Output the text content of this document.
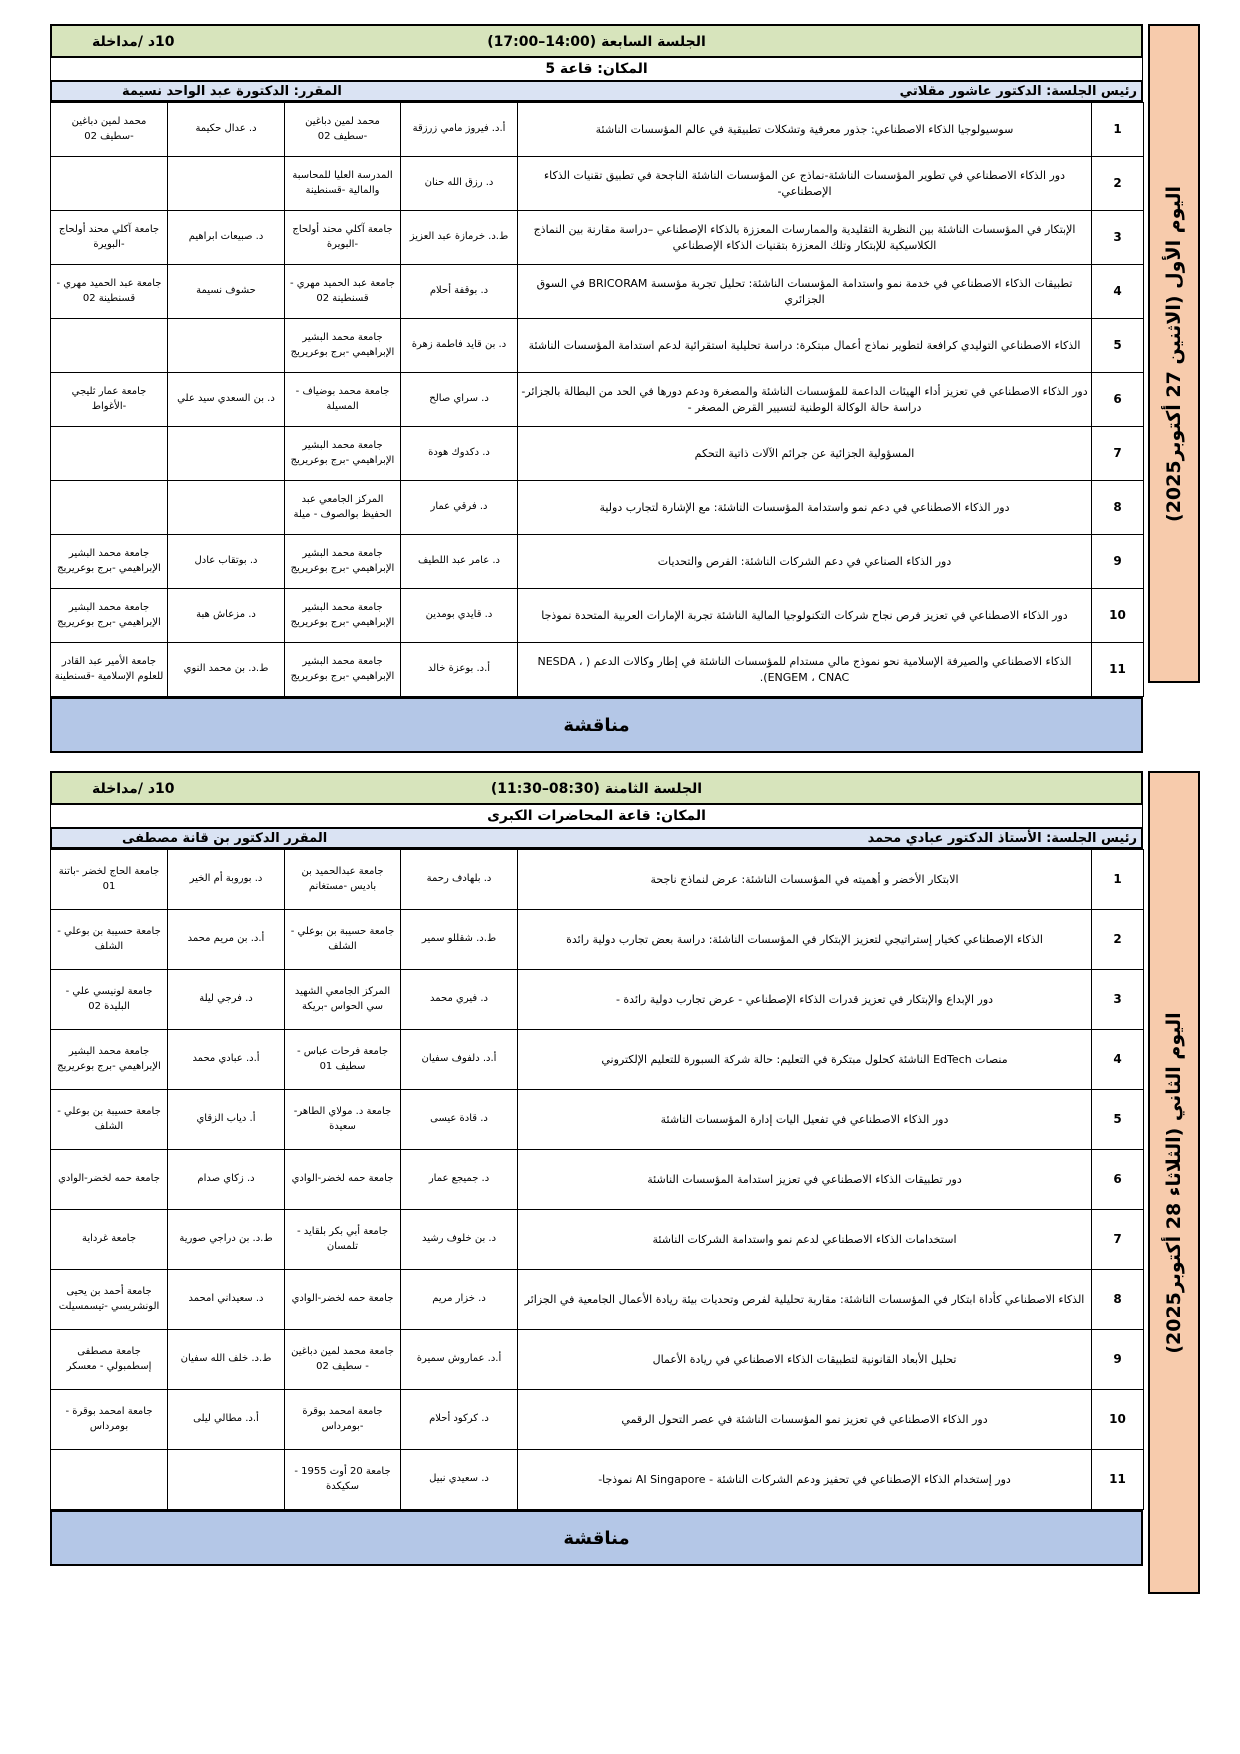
اليوم الأول (الاثنين 27 أكتوبر2025)
الجلسة السابعة (14:00–17:00)
10د /مداخلة
المكان: قاعة 5
رئيس الجلسة: الدكتور عاشور مقلاتي
المقرر: الدكتورة عبد الواحد نسيمة
محمد لمين دباغين -سطيف 02	د. عدال حكيمة	محمد لمين دباغين -سطيف 02	أ.د. فيروز مامي زرزقة	سوسيولوجيا الذكاء الاصطناعي: جذور معرفية وتشكلات تطبيقية في عالم المؤسسات الناشئة	1
		المدرسة العليا للمحاسبة والمالية -قسنطينة	د. رزق الله حنان	دور الذكاء الاصطناعي في تطوير المؤسسات الناشئة-نماذج عن المؤسسات الناشئة الناجحة في تطبيق تقنيات الذكاء الإصطناعي-	2
جامعة آكلي محند أولحاج -البويرة	د. صبيعات ابراهيم	جامعة آكلي محند أولحاج -البويرة	ط.د. خرمازة عبد العزيز	الإبتكار في المؤسسات الناشئة بين النظرية التقليدية والممارسات المعززة بالذكاء الإصطناعي –دراسة مقارنة بين النماذج الكلاسيكية للإبتكار وتلك المعززة بتقنيات الذكاء الإصطناعي	3
جامعة عبد الحميد مهري - قسنطينة 02	حشوف نسيمة	جامعة عبد الحميد مهري - قسنطينة 02	د. بوقفة أحلام	تطبيقات الذكاء الاصطناعي في خدمة نمو واستدامة المؤسسات الناشئة: تحليل تجربة مؤسسة BRICORAM في السوق الجزائري	4
		جامعة محمد البشير الإبراهيمي -برج بوعريريج	د. بن قايد فاطمة زهرة	الذكاء الاصطناعي التوليدي كرافعة لتطوير نماذج أعمال مبتكرة: دراسة تحليلية استقرائية لدعم استدامة المؤسسات الناشئة	5
جامعة عمار ثليجي -الأغواط	د. بن السعدي سيد علي	جامعة محمد بوضياف - المسيلة	د. سراي صالح	دور الذكاء الاصطناعي في تعزيز أداء الهيئات الداعمة للمؤسسات الناشئة والمصغرة ودعم دورها في الحد من البطالة بالجزائر-دراسة حالة الوكالة الوطنية لتسيير القرض المصغر -	6
		جامعة محمد البشير الإبراهيمي -برج بوعريريج	د. دكدوك هودة	المسؤولية الجزائية عن جرائم الآلات ذاتية التحكم	7
		المركز الجامعي عبد الحفيظ بوالصوف - ميلة	د. فرقي عمار	دور الذكاء الاصطناعي في دعم نمو واستدامة المؤسسات الناشئة: مع الإشارة لتجارب دولية	8
جامعة محمد البشير الإبراهيمي -برج بوعريريج	د. بوتقاب عادل	جامعة محمد البشير الإبراهيمي -برج بوعريريج	د. عامر عبد اللطيف	دور الذكاء الصناعي في دعم الشركات الناشئة: الفرص والتحديات	9
جامعة محمد البشير الإبراهيمي -برج بوعريريج	د. مزعاش هبة	جامعة محمد البشير الإبراهيمي -برج بوعريريج	د. قايدي بومدين	دور الذكاء الاصطناعي في تعزيز فرص نجاح شركات التكنولوجيا المالية الناشئة تجربة الإمارات العربية المتحدة نموذجا	10
جامعة الأمير عبد القادر للعلوم الإسلامية -قسنطينة	ط.د. بن محمد النوي	جامعة محمد البشير الإبراهيمي -برج بوعريريج	أ.د. بوعزة خالد	الذكاء الاصطناعي والصيرفة الإسلامية نحو نموذج مالي مستدام للمؤسسات الناشئة في إطار وكالات الدعم ( NESDA ، ENGEM ، CNAC).	11
مناقشة
اليوم الثاني (الثلاثاء 28 أكتوبر2025)
الجلسة الثامنة (08:30–11:30)
10د /مداخلة
المكان: قاعة المحاضرات الكبرى
رئيس الجلسة: الأستاذ الدكتور عبادي محمد
المقرر الدكتور بن قانة مصطفى
جامعة الحاج لخضر -باتنة 01	د. بوروبة أم الخير	جامعة عبدالحميد بن باديس -مستغانم	د. بلهادف رحمة	الابتكار الأخضر و أهميته في المؤسسات الناشئة: عرض لنماذج ناجحة	1
جامعة حسيبة بن بوعلي - الشلف	أ.د. بن مريم محمد	جامعة حسيبة بن بوعلي - الشلف	ط.د. شقللو سمير	الذكاء الإصطناعي كخيار إستراتيجي لتعزيز الإبتكار في المؤسسات الناشئة: دراسة بعض تجارب دولية رائدة	2
جامعة لونيسي علي - البليدة 02	د. فرجي ليلة	المركز الجامعي الشهيد سي الحواس -بريكة	د. فيري محمد	دور الإبداع والإبتكار في تعزيز قدرات الذكاء الإصطناعي - عرض تجارب دولية رائدة -	3
جامعة محمد البشير الإبراهيمي -برج بوعريريج	أ.د. عبادي محمد	جامعة فرحات عباس - سطيف 01	أ.د. دلفوف سفيان	منصات EdTech الناشئة كحلول مبتكرة في التعليم: حالة شركة السبورة للتعليم الإلكتروني	4
جامعة حسيبة بن بوعلي - الشلف	أ. دياب الزقاي	جامعة د. مولاي الطاهر- سعيدة	د. قادة عيسى	دور الذكاء الاصطناعي في تفعيل اليات إدارة المؤسسات الناشئة	5
جامعة حمه لخضر-الوادي	د. زكاي صدام	جامعة حمه لخضر-الوادي	د. جميجع عمار	دور تطبيقات الذكاء الاصطناعي في تعزيز استدامة المؤسسات الناشئة	6
جامعة غرداية	ط.د. بن دراجي صورية	جامعة أبي بكر بلقايد - تلمسان	د. بن خلوف رشيد	استخدامات الذكاء الاصطناعي لدعم نمو واستدامة الشركات الناشئة	7
جامعة أحمد بن يحيى الونشريسي -تيسمسيلت	د. سعيداني امحمد	جامعة حمه لخضر-الوادي	د. خزار مريم	الذكاء الاصطناعي كأداة ابتكار في المؤسسات الناشئة: مقاربة تحليلية لفرص وتحديات بيئة ريادة الأعمال الجامعية في الجزائر	8
جامعة مصطفى إسطمبولي - معسكر	ط.د. خلف الله سفيان	جامعة محمد لمين دباغين - سطيف 02	أ.د. عماروش سميرة	تحليل الأبعاد القانونية لتطبيقات الذكاء الاصطناعي في ريادة الأعمال	9
جامعة امحمد بوقرة - بومرداس	أ.د. مطالي ليلى	جامعة امحمد بوقرة -بومرداس	د. كركود أحلام	دور الذكاء الاصطناعي في تعزيز نمو المؤسسات الناشئة في عصر التحول الرقمي	10
		جامعة 20 أوت 1955 - سكيكدة	د. سعيدي نبيل	دور إستخدام الذكاء الإصطناعي في تحفيز ودعم الشركات الناشئة - AI Singapore نموذجا-	11
مناقشة
